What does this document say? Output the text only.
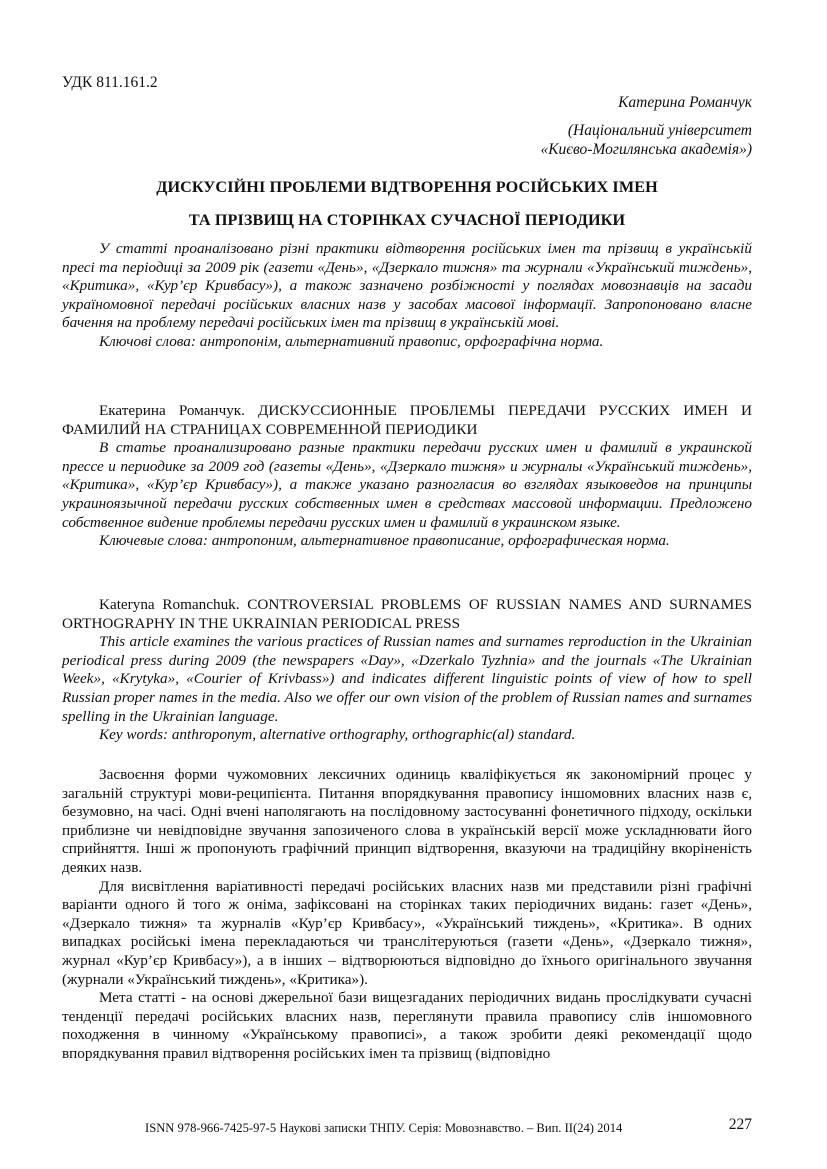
УДК 811.161.2
Катерина Романчук
(Національний університет
«Києво-Могилянська академія»)
ДИСКУСІЙНІ ПРОБЛЕМИ ВІДТВОРЕННЯ РОСІЙСЬКИХ ІМЕН
ТА ПРІЗВИЩ НА СТОРІНКАХ СУЧАСНОЇ ПЕРІОДИКИ

У статті проаналізовано різні практики відтворення російських імен та прізвищ в українській пресі та періодиці за 2009 рік (газети «День», «Дзеркало тижня» та журнали «Український тиждень», «Критика», «Кур’єр Кривбасу»), а також зазначено розбіжності у поглядах мовознавців на засади україномовної передачі російських власних назв у засобах масової інформації. Запропоновано власне бачення на проблему передачі російських імен та прізвищ в українській мові.

Ключові слова: антропонім, альтернативний правопис, орфографічна норма.

Екатерина Романчук. ДИСКУССИОННЫЕ ПРОБЛЕМЫ ПЕРЕДАЧИ РУССКИХ ИМЕН И ФАМИЛИЙ НА СТРАНИЦАХ СОВРЕМЕННОЙ ПЕРИОДИКИ

В статье проанализировано разные практики передачи русских имен и фамилий в украинской прессе и периодике за 2009 год (газеты «День», «Дзеркало тижня» и журналы «Український тиждень», «Критика», «Кур’єр Кривбасу»), а также указано разногласия во взглядах языковедов на принципы украиноязычной передачи русских собственных имен в средствах массовой информации. Предложено собственное видение проблемы передачи русских имен и фамилий в украинском языке.

Ключевые слова: антропоним, альтернативное правописание, орфографическая норма.

Kateryna Romanchuk. CONTROVERSIAL PROBLEMS OF RUSSIAN NAMES AND SURNAMES ORTHOGRAPHY IN THE UKRAINIAN PERIODICAL PRESS

This article examines the various practices of Russian names and surnames reproduction in the Ukrainian periodical press during 2009 (the newspapers «Day», «Dzerkalo Tyzhnia» and the journals «The Ukrainian Week», «Krytyka», «Courier of Krivbass») and indicates different linguistic points of view of how to spell Russian proper names in the media. Also we offer our own vision of the problem of Russian names and surnames spelling in the Ukrainian language.

Key words: anthroponym, alternative orthography, orthographic(al) standard.

Засвоєння форми чужомовних лексичних одиниць кваліфікується як закономірний процес у загальній структурі мови-реципієнта. Питання впорядкування правопису іншомовних власних назв є, безумовно, на часі. Одні вчені наполягають на послідовному застосуванні фонетичного підходу, оскільки приблизне чи невідповідне звучання запозиченого слова в українській версії може ускладнювати його сприйняття. Інші ж пропонують графічний принцип відтворення, вказуючи на традиційну вкоріненість деяких назв.

Для висвітлення варіативності передачі російських власних назв ми представили різні графічні варіанти одного й того ж оніма, зафіксовані на сторінках таких періодичних видань: газет «День», «Дзеркало тижня» та журналів «Кур’єр Кривбасу», «Український тиждень», «Критика». В одних випадках російські імена перекладаються чи транслітеруються (газети «День», «Дзеркало тижня», журнал «Кур’єр Кривбасу»), а в інших – відтворюються відповідно до їхнього оригінального звучання (журнали «Український тиждень», «Критика»).

Мета статті - на основі джерельної бази вищезгаданих періодичних видань прослідкувати сучасні тенденції передачі російських власних назв, переглянути правила правопису слів іншомовного походження в чинному «Українському правописі», а також зробити деякі рекомендації щодо впорядкування правил відтворення російських імен та прізвищ (відповідно

ISNN 978-966-7425-97-5 Наукові записки ТНПУ. Серія: Мовознавство. – Вип. ІІ(24) 2014	227
